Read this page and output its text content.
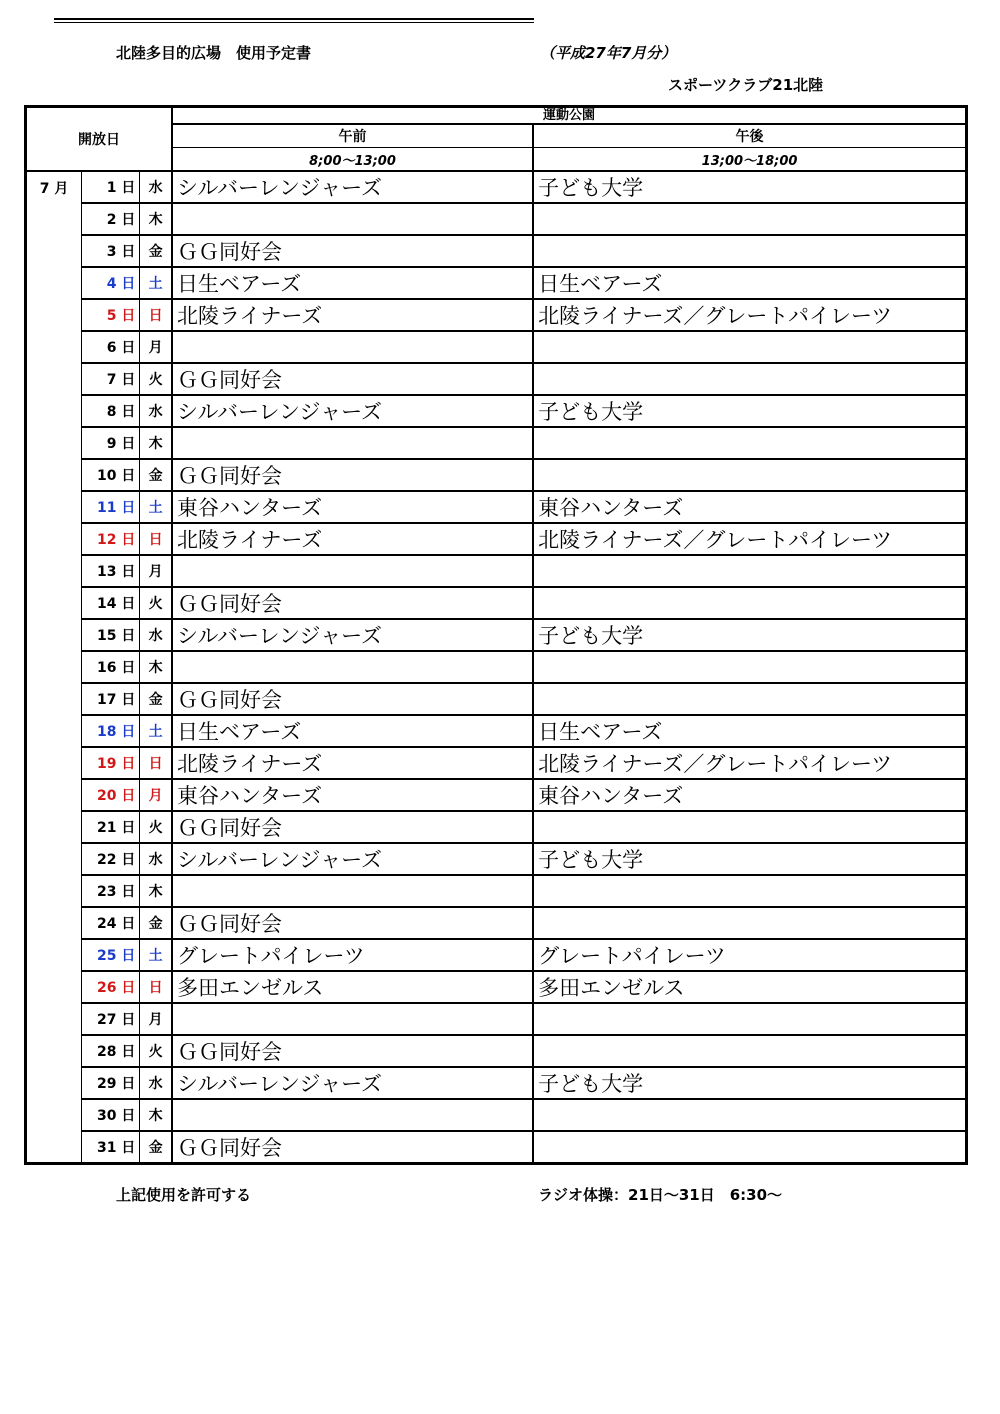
北陸多目的広場　使用予定書	（平成27年7月分）
スポーツクラブ21北陸
開放日			運動公園	
			午前	午後
			8;00～13;00	13;00～18;00
7 月	1 日	水	シルバーレンジャーズ	子ども大学
	2 日	木		
	3 日	金	ＧＧ同好会	
	4 日	土	日生ベアーズ	日生ベアーズ
	5 日	日	北陵ライナーズ	北陵ライナーズ／グレートパイレーツ
	6 日	月		
	7 日	火	ＧＧ同好会	
	8 日	水	シルバーレンジャーズ	子ども大学
	9 日	木		
	10 日	金	ＧＧ同好会	
	11 日	土	東谷ハンターズ	東谷ハンターズ
	12 日	日	北陵ライナーズ	北陵ライナーズ／グレートパイレーツ
	13 日	月		
	14 日	火	ＧＧ同好会	
	15 日	水	シルバーレンジャーズ	子ども大学
	16 日	木		
	17 日	金	ＧＧ同好会	
	18 日	土	日生ベアーズ	日生ベアーズ
	19 日	日	北陵ライナーズ	北陵ライナーズ／グレートパイレーツ
	20 日	月	東谷ハンターズ	東谷ハンターズ
	21 日	火	ＧＧ同好会	
	22 日	水	シルバーレンジャーズ	子ども大学
	23 日	木		
	24 日	金	ＧＧ同好会	
	25 日	土	グレートパイレーツ	グレートパイレーツ
	26 日	日	多田エンゼルス	多田エンゼルス
	27 日	月		
	28 日	火	ＧＧ同好会	
	29 日	水	シルバーレンジャーズ	子ども大学
	30 日	木		
	31 日	金	ＧＧ同好会	
上記使用を許可する	ラジオ体操：21日～31日　6:30～
